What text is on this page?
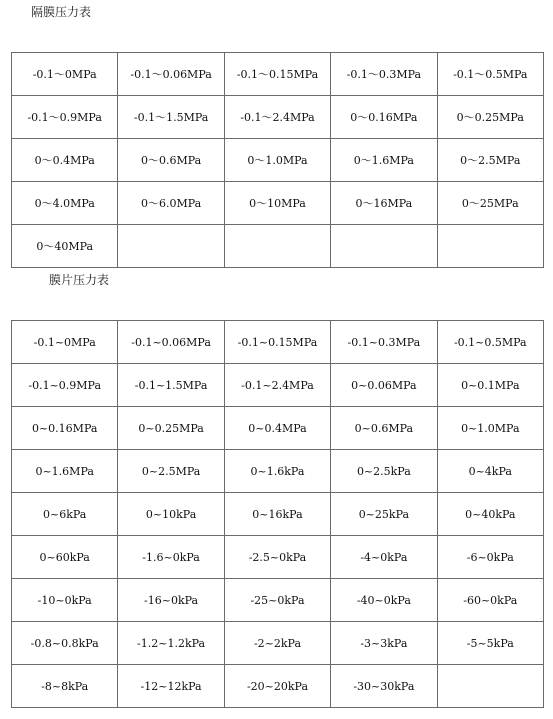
隔膜压力表
-0.1～0MPa	-0.1～0.06MPa	-0.1～0.15MPa	-0.1～0.3MPa	-0.1～0.5MPa
-0.1～0.9MPa	-0.1～1.5MPa	-0.1～2.4MPa	0～0.16MPa	0～0.25MPa
0～0.4MPa	0～0.6MPa	0～1.0MPa	0～1.6MPa	0～2.5MPa
0～4.0MPa	0～6.0MPa	0～10MPa	0～16MPa	0～25MPa
0～40MPa				
膜片压力表
-0.1~0MPa	-0.1~0.06MPa	-0.1~0.15MPa	-0.1~0.3MPa	-0.1~0.5MPa
-0.1~0.9MPa	-0.1~1.5MPa	-0.1~2.4MPa	0~0.06MPa	0~0.1MPa
0~0.16MPa	0~0.25MPa	0~0.4MPa	0~0.6MPa	0~1.0MPa
0~1.6MPa	0~2.5MPa	0~1.6kPa	0~2.5kPa	0~4kPa
0~6kPa	0~10kPa	0~16kPa	0~25kPa	0~40kPa
0~60kPa	-1.6~0kPa	-2.5~0kPa	-4~0kPa	-6~0kPa
-10~0kPa	-16~0kPa	-25~0kPa	-40~0kPa	-60~0kPa
-0.8~0.8kPa	-1.2~1.2kPa	-2~2kPa	-3~3kPa	-5~5kPa
-8~8kPa	-12~12kPa	-20~20kPa	-30~30kPa	
